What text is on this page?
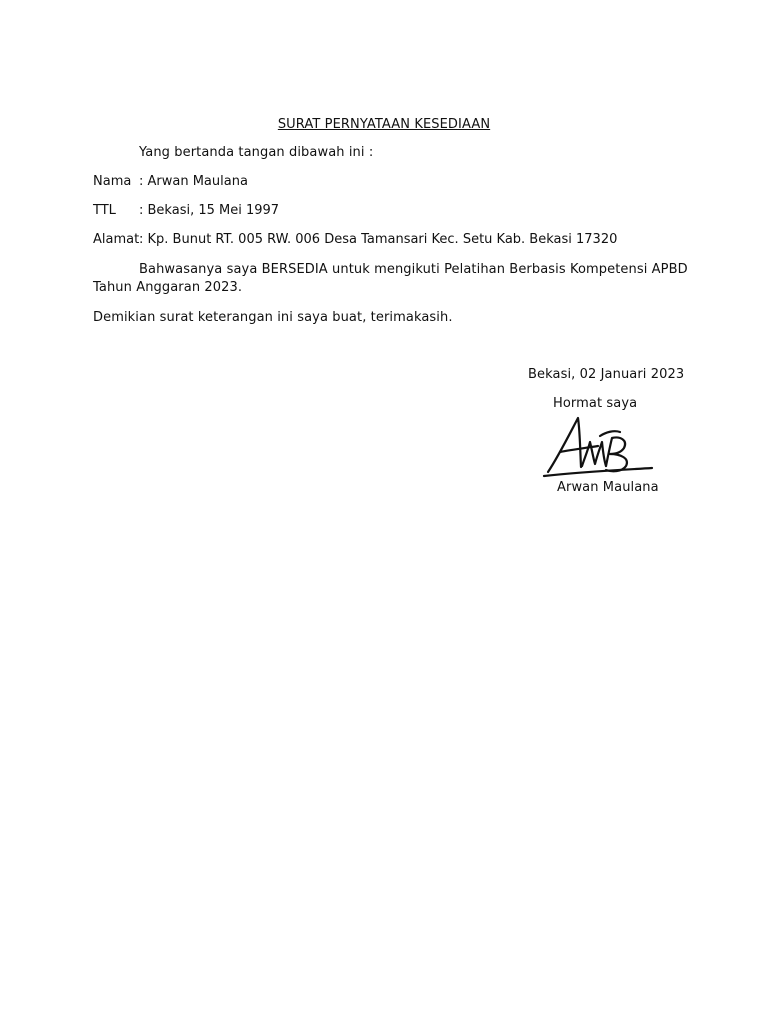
SURAT PERNYATAAN KESEDIAAN
Yang bertanda tangan dibawah ini :
Nama : Arwan Maulana
TTL : Bekasi, 15 Mei 1997
Alamat : Kp. Bunut RT. 005 RW. 006 Desa Tamansari Kec. Setu Kab. Bekasi 17320
Bahwasanya saya BERSEDIA untuk mengikuti Pelatihan Berbasis Kompetensi APBD
Tahun Anggaran 2023.
Demikian surat keterangan ini saya buat, terimakasih.
Bekasi, 02 Januari 2023
Hormat saya
Arwan Maulana
